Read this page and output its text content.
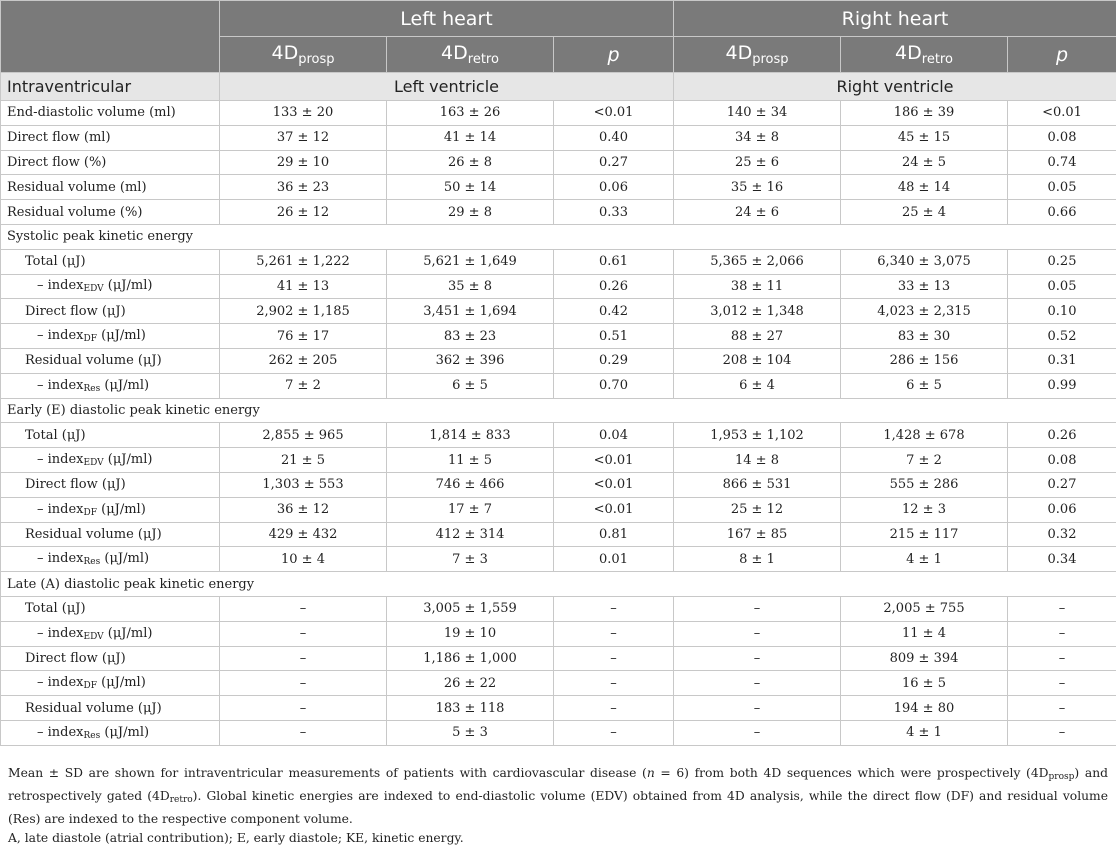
	Left heart			Right heart		
	$4D_{prosp}$	$4D_{retro}$	p	$4D_{prosp}$	$4D_{retro}$	p
Intraventricular	Left ventricle			Right ventricle		
End-diastolic volume (ml)	133 ± 20	163 ± 26	<0.01	140 ± 34	186 ± 39	<0.01
Direct flow (ml)	37 ± 12	41 ± 14	0.40	34 ± 8	45 ± 15	0.08
Direct flow (%)	29 ± 10	26 ± 8	0.27	25 ± 6	24 ± 5	0.74
Residual volume (ml)	36 ± 23	50 ± 14	0.06	35 ± 16	48 ± 14	0.05
Residual volume (%)	26 ± 12	29 ± 8	0.33	24 ± 6	25 ± 4	0.66
Systolic peak kinetic energy						
Total (μJ)	5,261 ± 1,222	5,621 ± 1,649	0.61	5,365 ± 2,066	6,340 ± 3,075	0.25
– indexEDV (μJ/ml)	41 ± 13	35 ± 8	0.26	38 ± 11	33 ± 13	0.05
Direct flow (μJ)	2,902 ± 1,185	3,451 ± 1,694	0.42	3,012 ± 1,348	4,023 ± 2,315	0.10
– indexDF (μJ/ml)	76 ± 17	83 ± 23	0.51	88 ± 27	83 ± 30	0.52
Residual volume (μJ)	262 ± 205	362 ± 396	0.29	208 ± 104	286 ± 156	0.31
– indexRes (μJ/ml)	7 ± 2	6 ± 5	0.70	6 ± 4	6 ± 5	0.99
Early (E) diastolic peak kinetic energy						
Total (μJ)	2,855 ± 965	1,814 ± 833	0.04	1,953 ± 1,102	1,428 ± 678	0.26
– indexEDV (μJ/ml)	21 ± 5	11 ± 5	<0.01	14 ± 8	7 ± 2	0.08
Direct flow (μJ)	1,303 ± 553	746 ± 466	<0.01	866 ± 531	555 ± 286	0.27
– indexDF (μJ/ml)	36 ± 12	17 ± 7	<0.01	25 ± 12	12 ± 3	0.06
Residual volume (μJ)	429 ± 432	412 ± 314	0.81	167 ± 85	215 ± 117	0.32
– indexRes (μJ/ml)	10 ± 4	7 ± 3	0.01	8 ± 1	4 ± 1	0.34
Late (A) diastolic peak kinetic energy						
Total (μJ)	–	3,005 ± 1,559	–	–	2,005 ± 755	–
– indexEDV (μJ/ml)	–	19 ± 10	–	–	11 ± 4	–
Direct flow (μJ)	–	1,186 ± 1,000	–	–	809 ± 394	–
– indexDF (μJ/ml)	–	26 ± 22	–	–	16 ± 5	–
Residual volume (μJ)	–	183 ± 118	–	–	194 ± 80	–
– indexRes (μJ/ml)	–	5 ± 3	–	–	4 ± 1	–

Mean ± SD are shown for intraventricular measurements of patients with cardiovascular disease (n = 6) from both 4D sequences which were prospectively (4Dprosp) and retrospectively gated (4Dretro). Global kinetic energies are indexed to end-diastolic volume (EDV) obtained from 4D analysis, while the direct flow (DF) and residual volume (Res) are indexed to the respective component volume.

A, late diastole (atrial contribution); E, early diastole; KE, kinetic energy.
